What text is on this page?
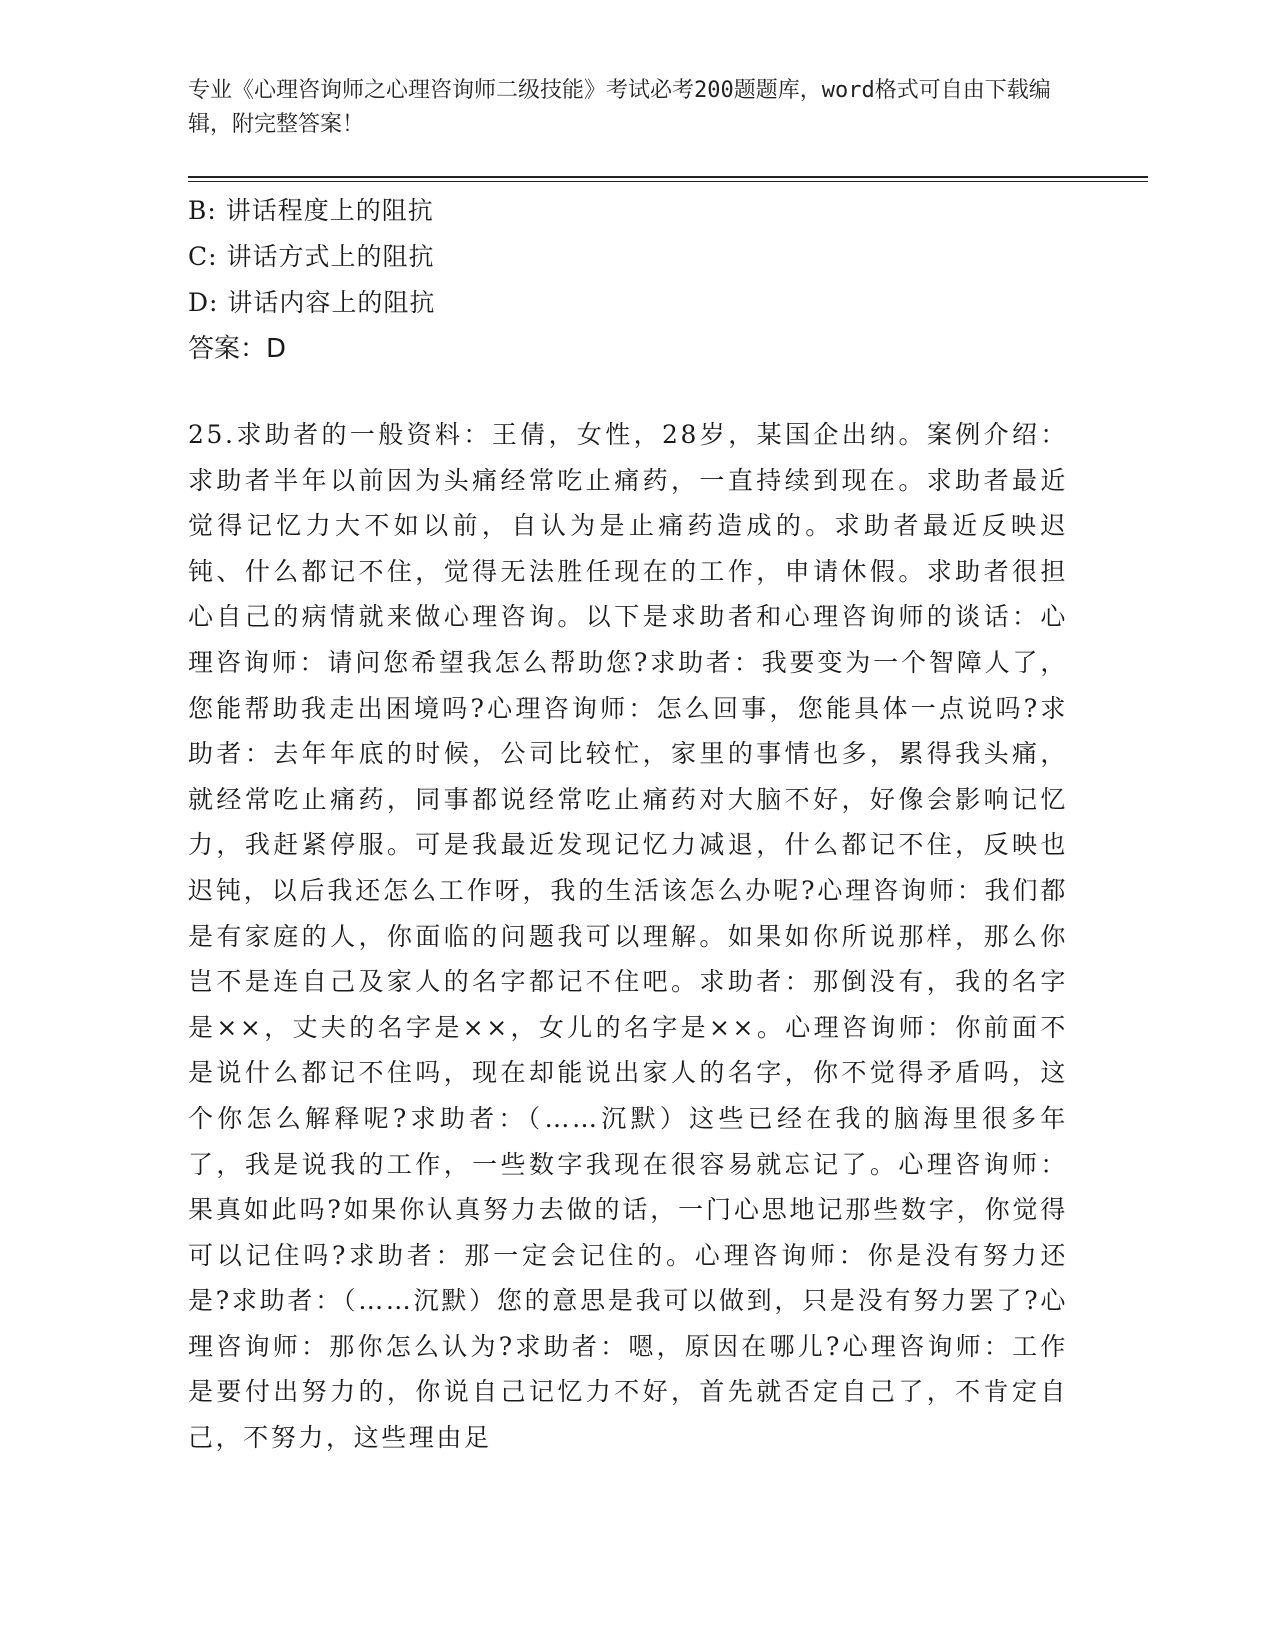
专业《心理咨询师之心理咨询师二级技能》考试必考200题题库，word格式可自由下载编辑，附完整答案！
B: 讲话程度上的阻抗
C: 讲话方式上的阻抗
D: 讲话内容上的阻抗
答案：D
25.求助者的一般资料：王倩，女性，28岁，某国企出纳。案例介绍：求助者半年以前因为头痛经常吃止痛药，一直持续到现在。求助者最近觉得记忆力大不如以前，自认为是止痛药造成的。求助者最近反映迟钝、什么都记不住，觉得无法胜任现在的工作，申请休假。求助者很担心自己的病情就来做心理咨询。以下是求助者和心理咨询师的谈话：心理咨询师：请问您希望我怎么帮助您?求助者：我要变为一个智障人了，您能帮助我走出困境吗?心理咨询师：怎么回事，您能具体一点说吗?求助者：去年年底的时候，公司比较忙，家里的事情也多，累得我头痛，就经常吃止痛药，同事都说经常吃止痛药对大脑不好，好像会影响记忆力，我赶紧停服。可是我最近发现记忆力减退，什么都记不住，反映也迟钝，以后我还怎么工作呀，我的生活该怎么办呢?心理咨询师：我们都是有家庭的人，你面临的问题我可以理解。如果如你所说那样，那么你岂不是连自己及家人的名字都记不住吧。求助者：那倒没有，我的名字是××，丈夫的名字是××，女儿的名字是××。心理咨询师：你前面不是说什么都记不住吗，现在却能说出家人的名字，你不觉得矛盾吗，这个你怎么解释呢?求助者：（……沉默）这些已经在我的脑海里很多年了，我是说我的工作，一些数字我现在很容易就忘记了。心理咨询师：果真如此吗?如果你认真努力去做的话，一门心思地记那些数字，你觉得可以记住吗?求助者：那一定会记住的。心理咨询师：你是没有努力还是?求助者：（……沉默）您的意思是我可以做到，只是没有努力罢了?心理咨询师：那你怎么认为?求助者：嗯，原因在哪儿?心理咨询师：工作是要付出努力的，你说自己记忆力不好，首先就否定自己了，不肯定自己，不努力，这些理由足
